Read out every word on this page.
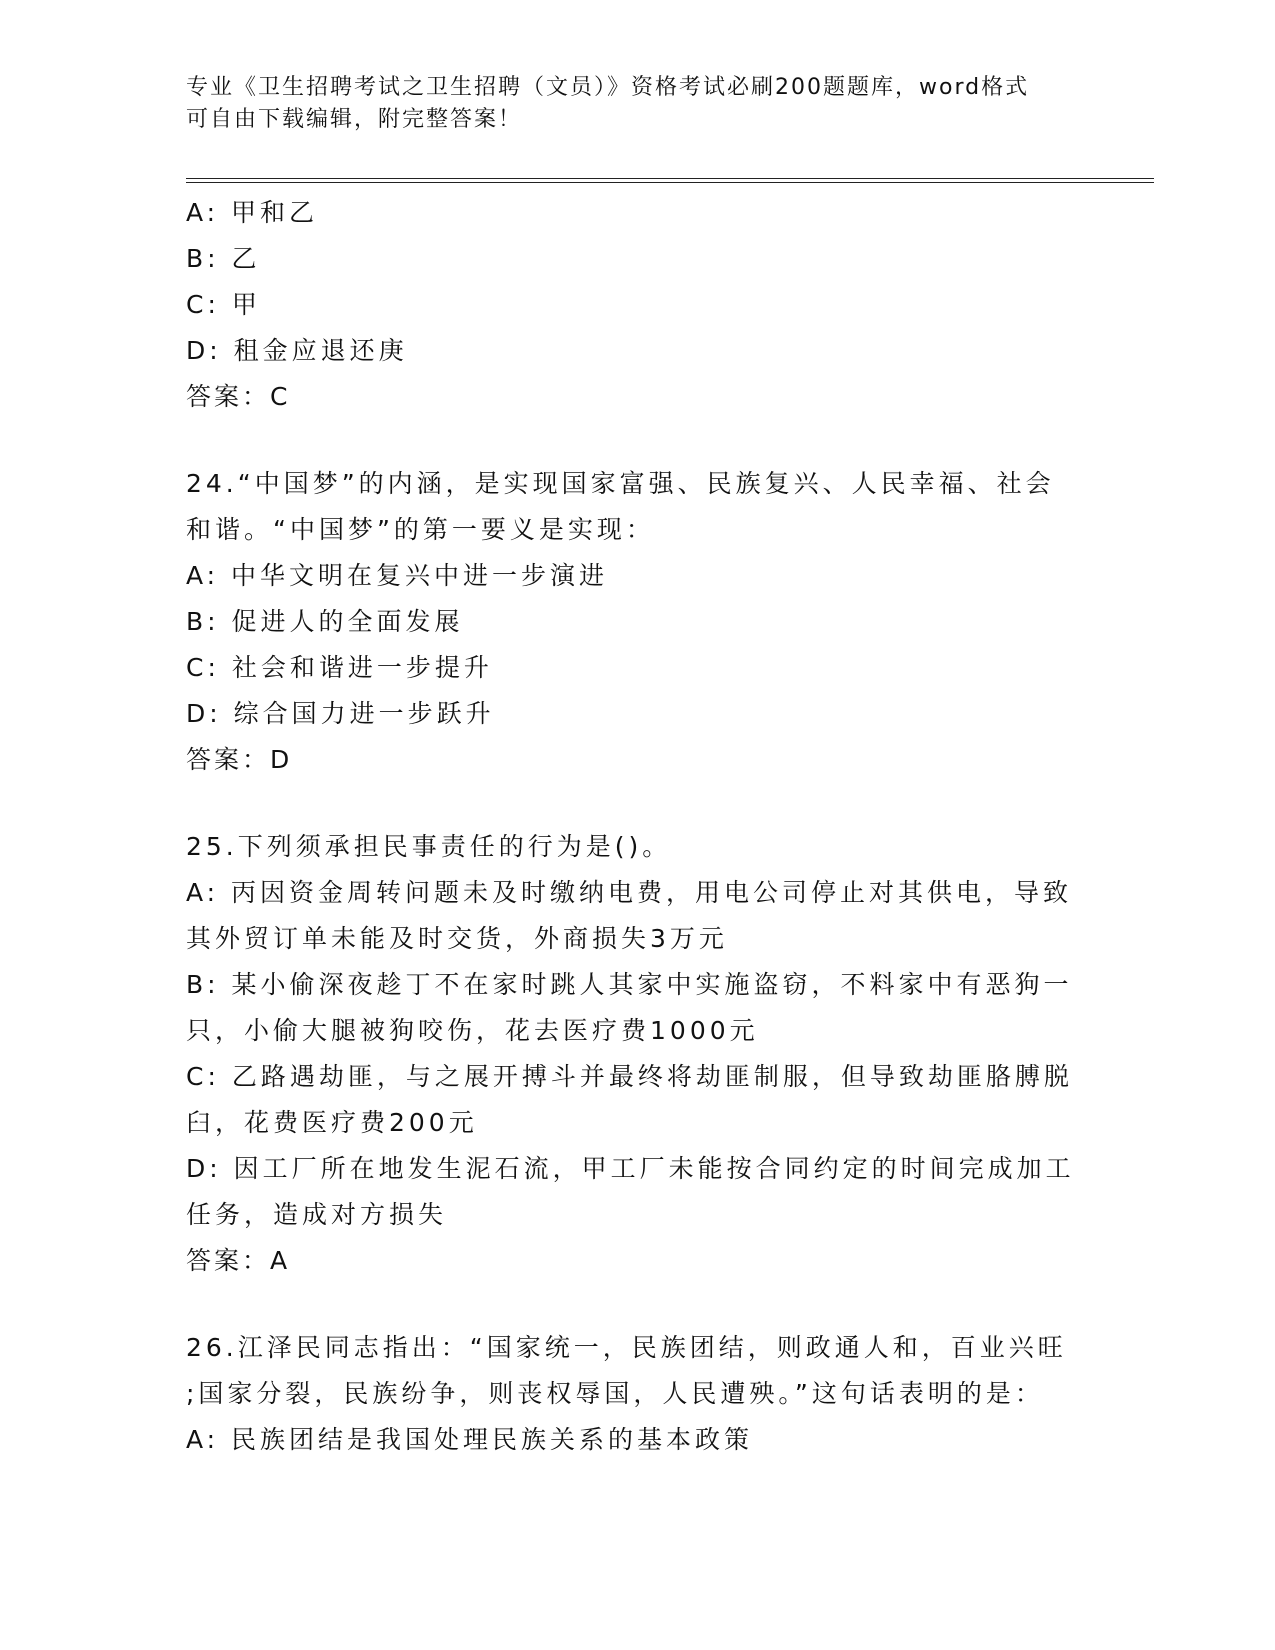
专业《卫生招聘考试之卫生招聘（文员）》资格考试必刷200题题库，word格式
可自由下载编辑，附完整答案！
A: 甲和乙
B: 乙
C: 甲
D: 租金应退还庚
答案：C
24.“中国梦”的内涵，是实现国家富强、民族复兴、人民幸福、社会
和谐。“中国梦”的第一要义是实现：
A: 中华文明在复兴中进一步演进
B: 促进人的全面发展
C: 社会和谐进一步提升
D: 综合国力进一步跃升
答案：D
25.下列须承担民事责任的行为是()。
A: 丙因资金周转问题未及时缴纳电费，用电公司停止对其供电，导致
其外贸订单未能及时交货，外商损失3万元
B: 某小偷深夜趁丁不在家时跳人其家中实施盗窃，不料家中有恶狗一
只，小偷大腿被狗咬伤，花去医疗费1000元
C: 乙路遇劫匪，与之展开搏斗并最终将劫匪制服，但导致劫匪胳膊脱
臼，花费医疗费200元
D: 因工厂所在地发生泥石流，甲工厂未能按合同约定的时间完成加工
任务，造成对方损失
答案：A
26.江泽民同志指出：“国家统一，民族团结，则政通人和，百业兴旺
;国家分裂，民族纷争，则丧权辱国，人民遭殃。”这句话表明的是：
A: 民族团结是我国处理民族关系的基本政策
